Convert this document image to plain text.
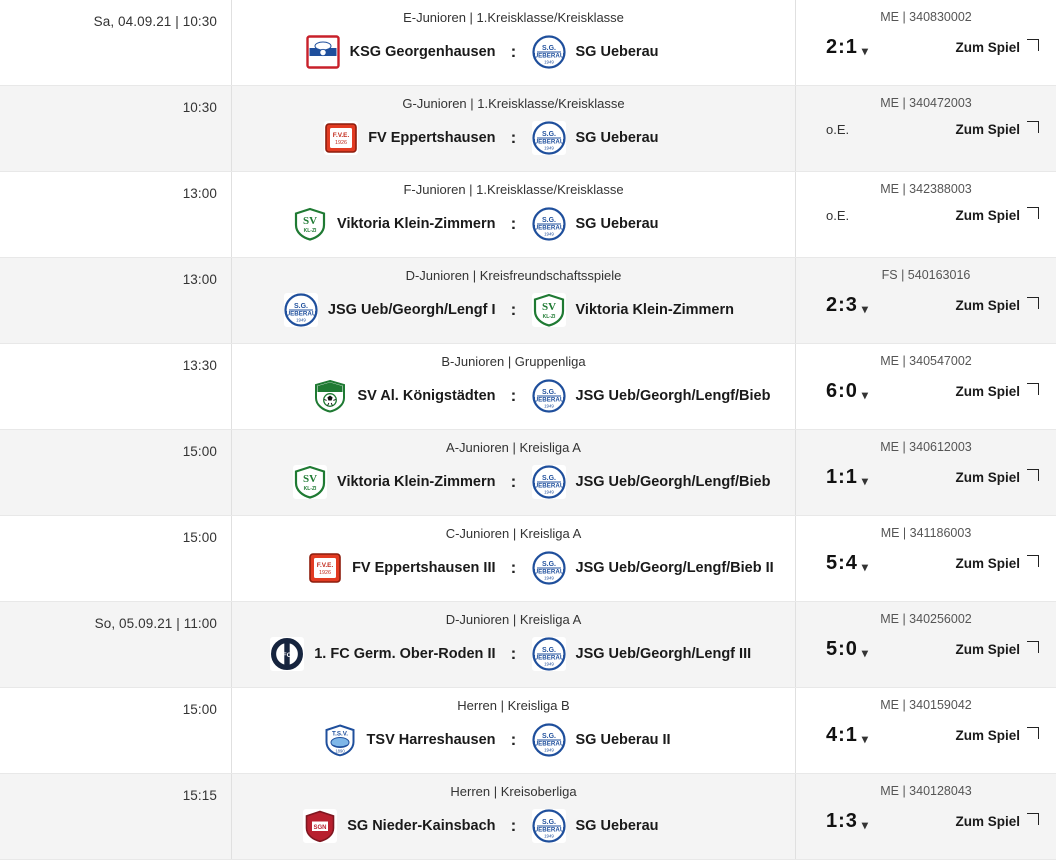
Sa, 04.09.21 | 10:30	E-Junioren | 1.Kreisklasse/Kreisklasse
KSG Georgenhausen :	S.G.
UEBERAU
1949
SG Ueberau
ME | 340830002
2:1 ▾	Zum Spiel
10:30	G-Junioren | 1.Kreisklasse/Kreisklasse
F.V.E.
1926 FV Eppertshausen :	S.G.
UEBERAU
1949
SG Ueberau
ME | 340472003
o.E.	Zum Spiel
13:00	F-Junioren | 1.Kreisklasse/Kreisklasse
SV
KL-ZI Viktoria Klein-Zimmern :	S.G.
UEBERAU
1949
SG Ueberau
ME | 342388003
o.E.	Zum Spiel
13:00	D-Junioren | Kreisfreundschaftsspiele
S.G.
UEBERAU
1949
JSG Ueb/Georgh/Lengf I :	SV
KL-ZI Viktoria Klein-Zimmern
FS | 540163016
2:3 ▾	Zum Spiel
13:30	B-Junioren | Gruppenliga
SV Al. Königstädten :	S.G.
UEBERAU
1949
JSG Ueb/Georgh/Lengf/Bieb
ME | 340547002
6:0 ▾	Zum Spiel
15:00	A-Junioren | Kreisliga A
SV
KL-ZI Viktoria Klein-Zimmern :	S.G.
UEBERAU
1949
JSG Ueb/Georgh/Lengf/Bieb
ME | 340612003
1:1 ▾	Zum Spiel
15:00	C-Junioren | Kreisliga A
F.V.E.
1926 FV Eppertshausen III :	S.G.
UEBERAU
1949
JSG Ueb/Georg/Lengf/Bieb II
ME | 341186003
5:4 ▾	Zum Spiel
So, 05.09.21 | 11:00	D-Junioren | Kreisliga A
FC 1. FC Germ. Ober-Roden II :	S.G.
UEBERAU
1949
JSG Ueb/Georgh/Lengf III
ME | 340256002
5:0 ▾	Zum Spiel
15:00	Herren | Kreisliga B
T.S.V.
1890
TSV Harreshausen :	S.G.
UEBERAU
1949
SG Ueberau II
ME | 340159042
4:1 ▾	Zum Spiel
15:15	Herren | Kreisoberliga
SGN SG Nieder-Kainsbach :	S.G.
UEBERAU
1949
SG Ueberau
ME | 340128043
1:3 ▾	Zum Spiel
